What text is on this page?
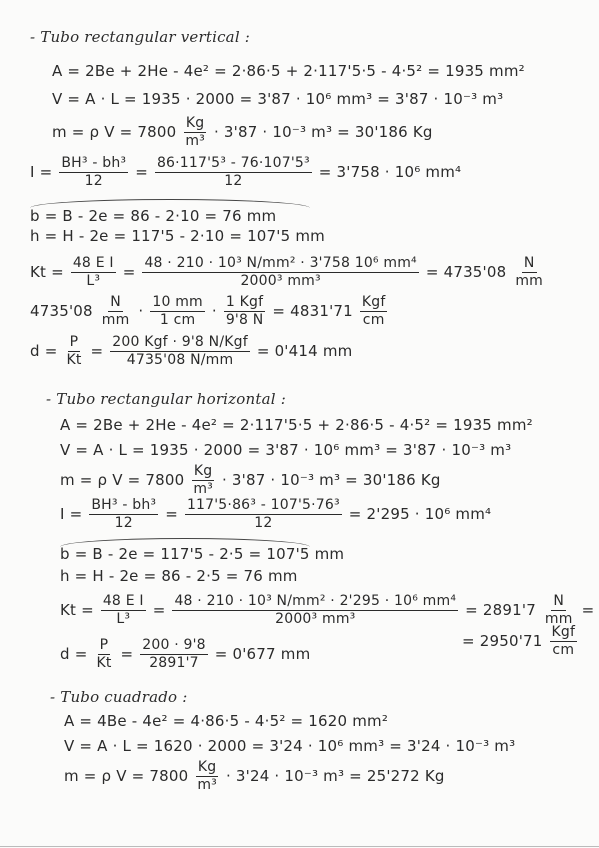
- Tubo rectangular vertical :
A = 2Be + 2He - 4e² = 2·86·5 + 2·117'5·5 - 4·5² = 1935 mm²
V = A · L = 1935 · 2000 = 3'87 · 10⁶ mm³ = 3'87 · 10⁻³ m³
m = ρ $V = 7800 \frac{Kg}{\text{m³}} \cdot 3'87 \cdot 10^{-3}$ m³ = 30'186 Kg
$I = \frac{\text{BH³ - bh³}}{12} = \frac{\text{86·117'5³ - 76·107'5³}}{12} = 3'758 \cdot 10^6$ mm⁴
b = B - 2e = 86 - 2·10 = 76 mm
h = H - 2e = 117'5 - 2·10 = 107'5 mm
$Kt = \frac{\text{48 E I}}{\text{L³}} = \frac{\text{48 · 210 · 10³ N/mm² · 3'758 10⁶ mm⁴}}{\text{2000³ mm³}} = 4735'08 \frac{N}{mm}$
$4735'08 \frac{N}{mm} \cdot \frac{10 mm}{1 cm} \cdot \frac{\text{1 Kgf}}{9'8 N} = 4831'71 \frac{\text{Kgf}}{cm}$
$d = \frac{P}{Kt} = \frac{\text{200 Kgf · 9'8 N/Kgf}}{4735'08 N/mm} = 0'414$ mm
- Tubo rectangular horizontal :
A = 2Be + 2He - 4e² = 2·117'5·5 + 2·86·5 - 4·5² = 1935 mm²
V = A · L = 1935 · 2000 = 3'87 · 10⁶ mm³ = 3'87 · 10⁻³ m³
m = ρ $V = 7800 \frac{Kg}{\text{m³}} \cdot 3'87 \cdot 10^{-3}$ m³ = 30'186 Kg
$I = \frac{\text{BH³ - bh³}}{12} = \frac{\text{117'5·86³ - 107'5·76³}}{12} = 2'295 \cdot 10^6$ mm⁴
b = B - 2e = 117'5 - 2·5 = 107'5 mm
h = H - 2e = 86 - 2·5 = 76 mm
$Kt = \frac{\text{48 E I}}{\text{L³}} = \frac{\text{48 · 210 · 10³ N/mm² · 2'295 · 10⁶ mm⁴}}{\text{2000³ mm³}} = 2891'7 \frac{N}{mm}$ =
= $2950'71 \frac{\text{Kgf}}{cm}$
$d = \frac{P}{Kt} = \frac{200 \cdot 9'8}{2891'7} = 0'677$ mm
- Tubo cuadrado :
A = 4Be - 4e² = 4·86·5 - 4·5² = 1620 mm²
V = A · L = 1620 · 2000 = 3'24 · 10⁶ mm³ = 3'24 · 10⁻³ m³
m = ρ $V = 7800 \frac{Kg}{\text{m³}} \cdot 3'24 \cdot 10^{-3}$ m³ = 25'272 Kg
